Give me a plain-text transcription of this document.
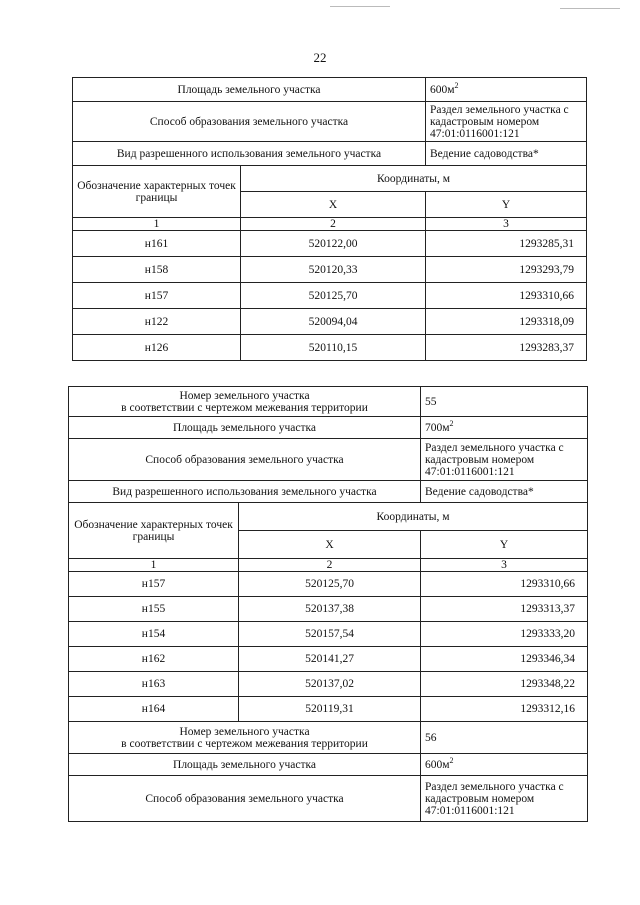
22
Площадь земельного участка		$600м^2$
Способ образования земельного участка		Раздел земельного участка с кадастровым номером 47:01:0116001:121
Вид разрешенного использования земельного участка		Ведение садоводства*
Обозначение характерных точек границы	Координаты, м	
	X	Y
1	2	3
н161	520122,00	1293285,31
н158	520120,33	1293293,79
н157	520125,70	1293310,66
н122	520094,04	1293318,09
н126	520110,15	1293283,37
Номер земельного участка
в соответствии с чертежом межевания территории		55
Площадь земельного участка		$700м^2$
Способ образования земельного участка		Раздел земельного участка с кадастровым номером 47:01:0116001:121
Вид разрешенного использования земельного участка		Ведение садоводства*
Обозначение характерных точек границы	Координаты, м	
	X	Y
1	2	3
н157	520125,70	1293310,66
н155	520137,38	1293313,37
н154	520157,54	1293333,20
н162	520141,27	1293346,34
н163	520137,02	1293348,22
н164	520119,31	1293312,16

Номер земельного участка
в соответствии с чертежом межевания территории		56
Площадь земельного участка		$600м^2$
Способ образования земельного участка		Раздел земельного участка с кадастровым номером 47:01:0116001:121
